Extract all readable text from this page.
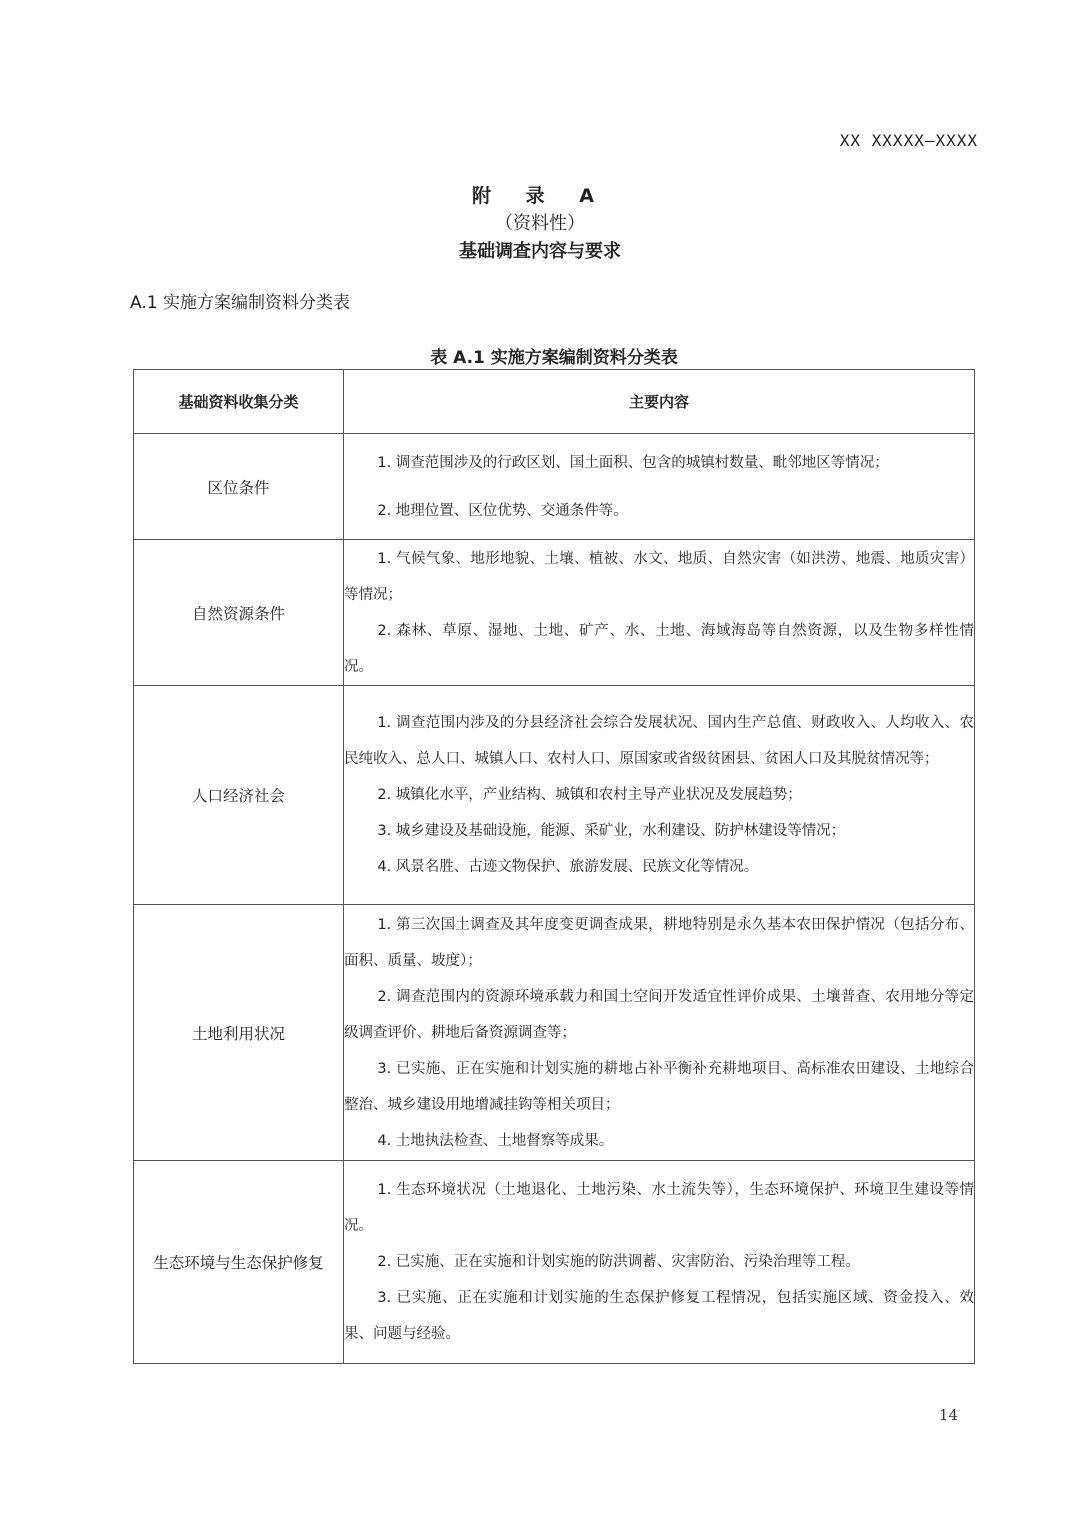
XX XXXXX—XXXX
附 录 A
（资料性）
基础调查内容与要求
A.1 实施方案编制资料分类表
表 A.1 实施方案编制资料分类表
基础资料收集分类	主要内容
区位条件	1. 调查范围涉及的行政区划、国土面积、包含的城镇村数量、毗邻地区等情况；

2. 地理位置、区位优势、交通条件等。

自然资源条件	1. 气候气象、地形地貌、土壤、植被、水文、地质、自然灾害（如洪涝、地震、地质灾害）等情况；

2. 森林、草原、湿地、土地、矿产、水、土地、海域海岛等自然资源，以及生物多样性情况。

人口经济社会	1. 调查范围内涉及的分县经济社会综合发展状况、国内生产总值、财政收入、人均收入、农民纯收入、总人口、城镇人口、农村人口、原国家或省级贫困县、贫困人口及其脱贫情况等；

2. 城镇化水平，产业结构、城镇和农村主导产业状况及发展趋势；

3. 城乡建设及基础设施，能源、采矿业，水利建设、防护林建设等情况；

4. 风景名胜、古迹文物保护、旅游发展、民族文化等情况。

土地利用状况	1. 第三次国土调查及其年度变更调查成果，耕地特别是永久基本农田保护情况（包括分布、面积、质量、坡度）；

2. 调查范围内的资源环境承载力和国土空间开发适宜性评价成果、土壤普查、农用地分等定级调查评价、耕地后备资源调查等；

3. 已实施、正在实施和计划实施的耕地占补平衡补充耕地项目、高标准农田建设、土地综合整治、城乡建设用地增减挂钩等相关项目；

4. 土地执法检查、土地督察等成果。

生态环境与生态保护修复	1. 生态环境状况（土地退化、土地污染、水土流失等），生态环境保护、环境卫生建设等情况。

2. 已实施、正在实施和计划实施的防洪调蓄、灾害防治、污染治理等工程。

3. 已实施、正在实施和计划实施的生态保护修复工程情况，包括实施区域、资金投入、效果、问题与经验。

14
